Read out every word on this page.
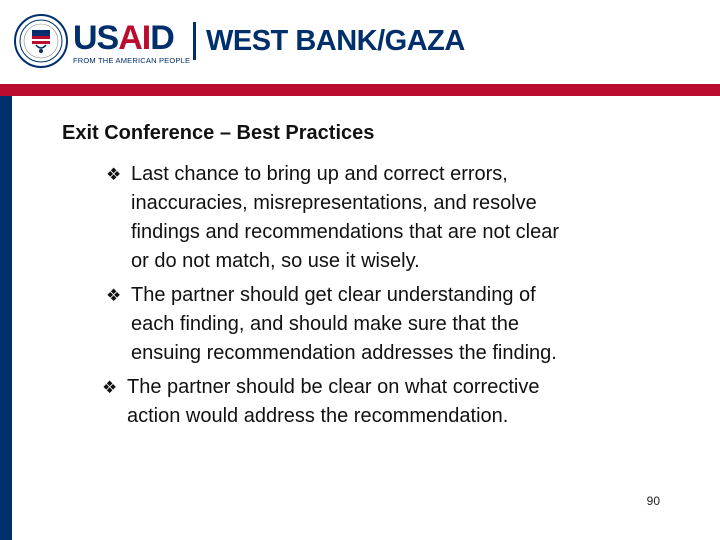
USAID WEST BANK/GAZA
FROM THE AMERICAN PEOPLE
Exit Conference – Best Practices
❖ Last chance to bring up and correct errors,
inaccuracies, misrepresentations, and resolve
findings and recommendations that are not clear
or do not match, so use it wisely.
❖ The partner should get clear understanding of
each finding, and should make sure that the
ensuing recommendation addresses the finding.
❖ The partner should be clear on what corrective
action would address the recommendation.
90
